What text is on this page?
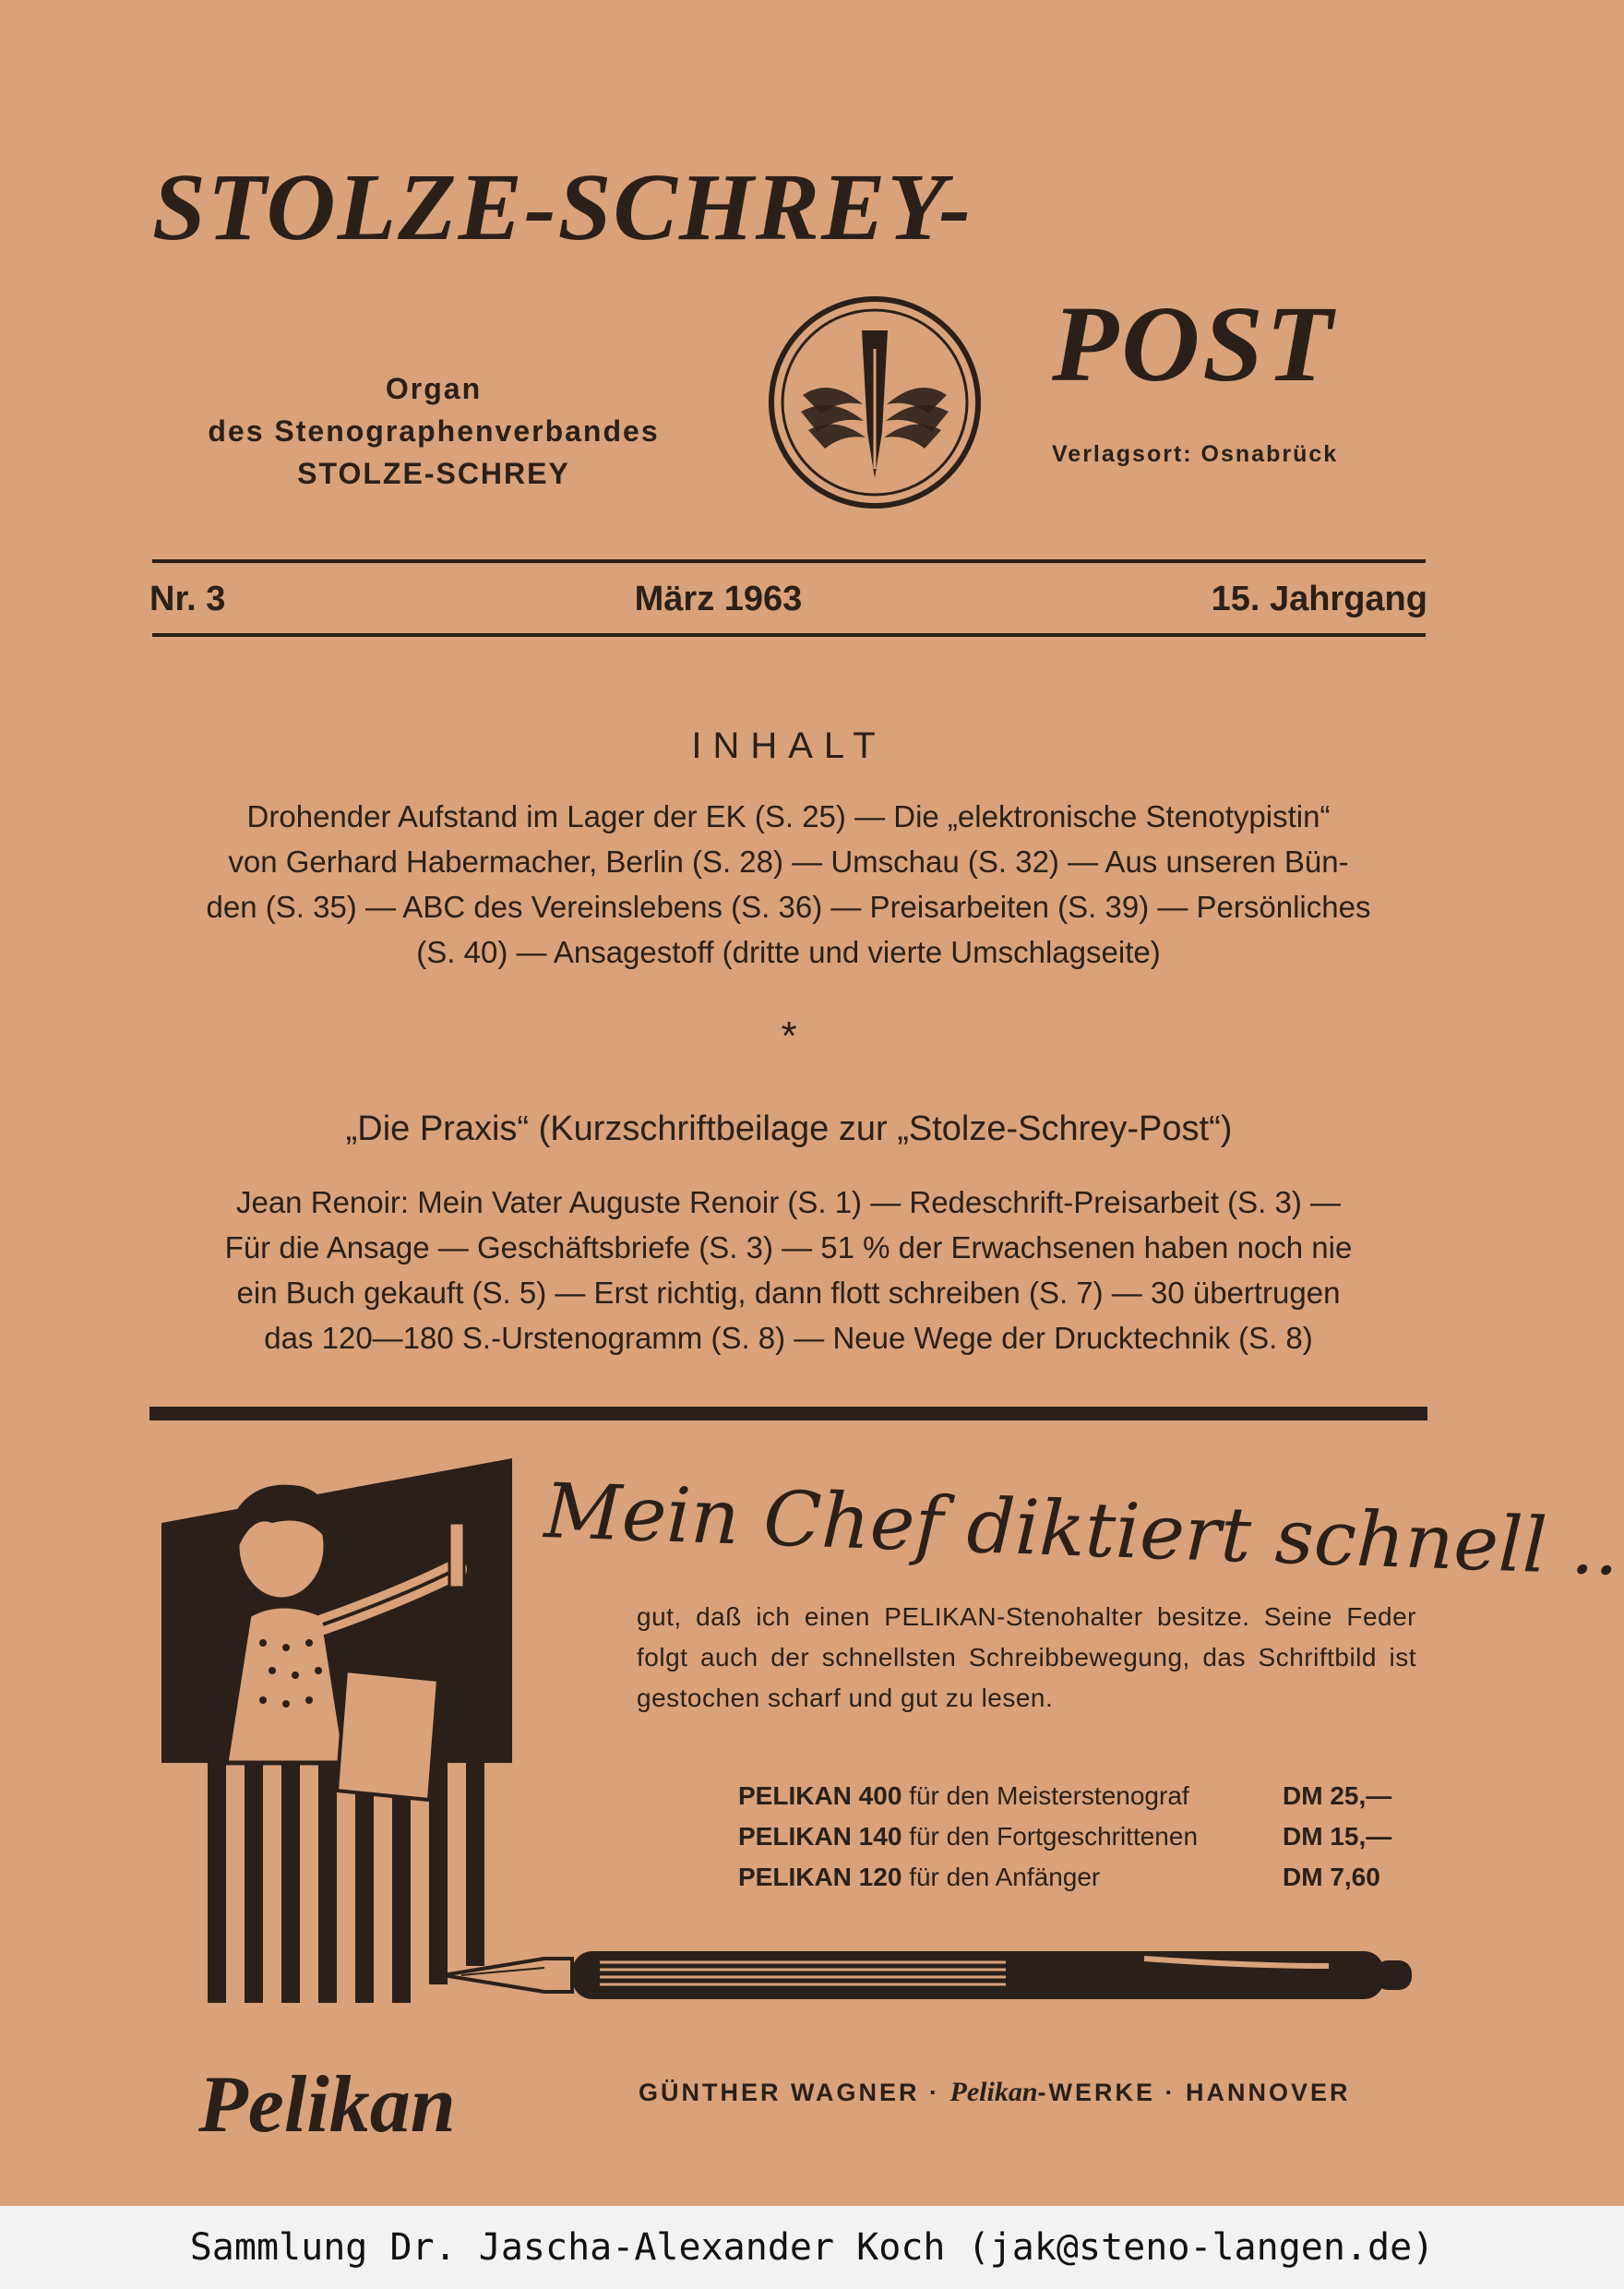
STOLZE-SCHREY-
POST
Organ
des Stenographenverbandes
STOLZE-SCHREY
Verlagsort: Osnabrück
Nr. 3	März 1963	15. Jahrgang
INHALT
Drohender Aufstand im Lager der EK (S. 25) — Die „elektronische Stenotypistin“
von Gerhard Habermacher, Berlin (S. 28) — Umschau (S. 32) — Aus unseren Bün-
den (S. 35) — ABC des Vereinslebens (S. 36) — Preisarbeiten (S. 39) — Persönliches
(S. 40) — Ansagestoff (dritte und vierte Umschlagseite)
*
„Die Praxis“ (Kurzschriftbeilage zur „Stolze-Schrey-Post“)
Jean Renoir: Mein Vater Auguste Renoir (S. 1) — Redeschrift-Preisarbeit (S. 3) —
Für die Ansage — Geschäftsbriefe (S. 3) — 51 % der Erwachsenen haben noch nie
ein Buch gekauft (S. 5) — Erst richtig, dann flott schreiben (S. 7) — 30 übertrugen
das 120—180 S.-Urstenogramm (S. 8) — Neue Wege der Drucktechnik (S. 8)
Mein Chef diktiert schnell ..
gut, daß ich einen PELIKAN-Stenohalter besitze. Seine Feder folgt auch der schnellsten Schreibbewegung, das Schriftbild ist gestochen scharf und gut zu lesen.
PELIKAN 400 für den Meisterstenograf	DM 25,—
PELIKAN 140 für den Fortgeschrittenen	DM 15,—
PELIKAN 120 für den Anfänger	DM 7,60
Pelikan	GÜNTHER WAGNER · Pelikan-WERKE · HANNOVER
Sammlung Dr. Jascha-Alexander Koch (jak@steno-langen.de)
